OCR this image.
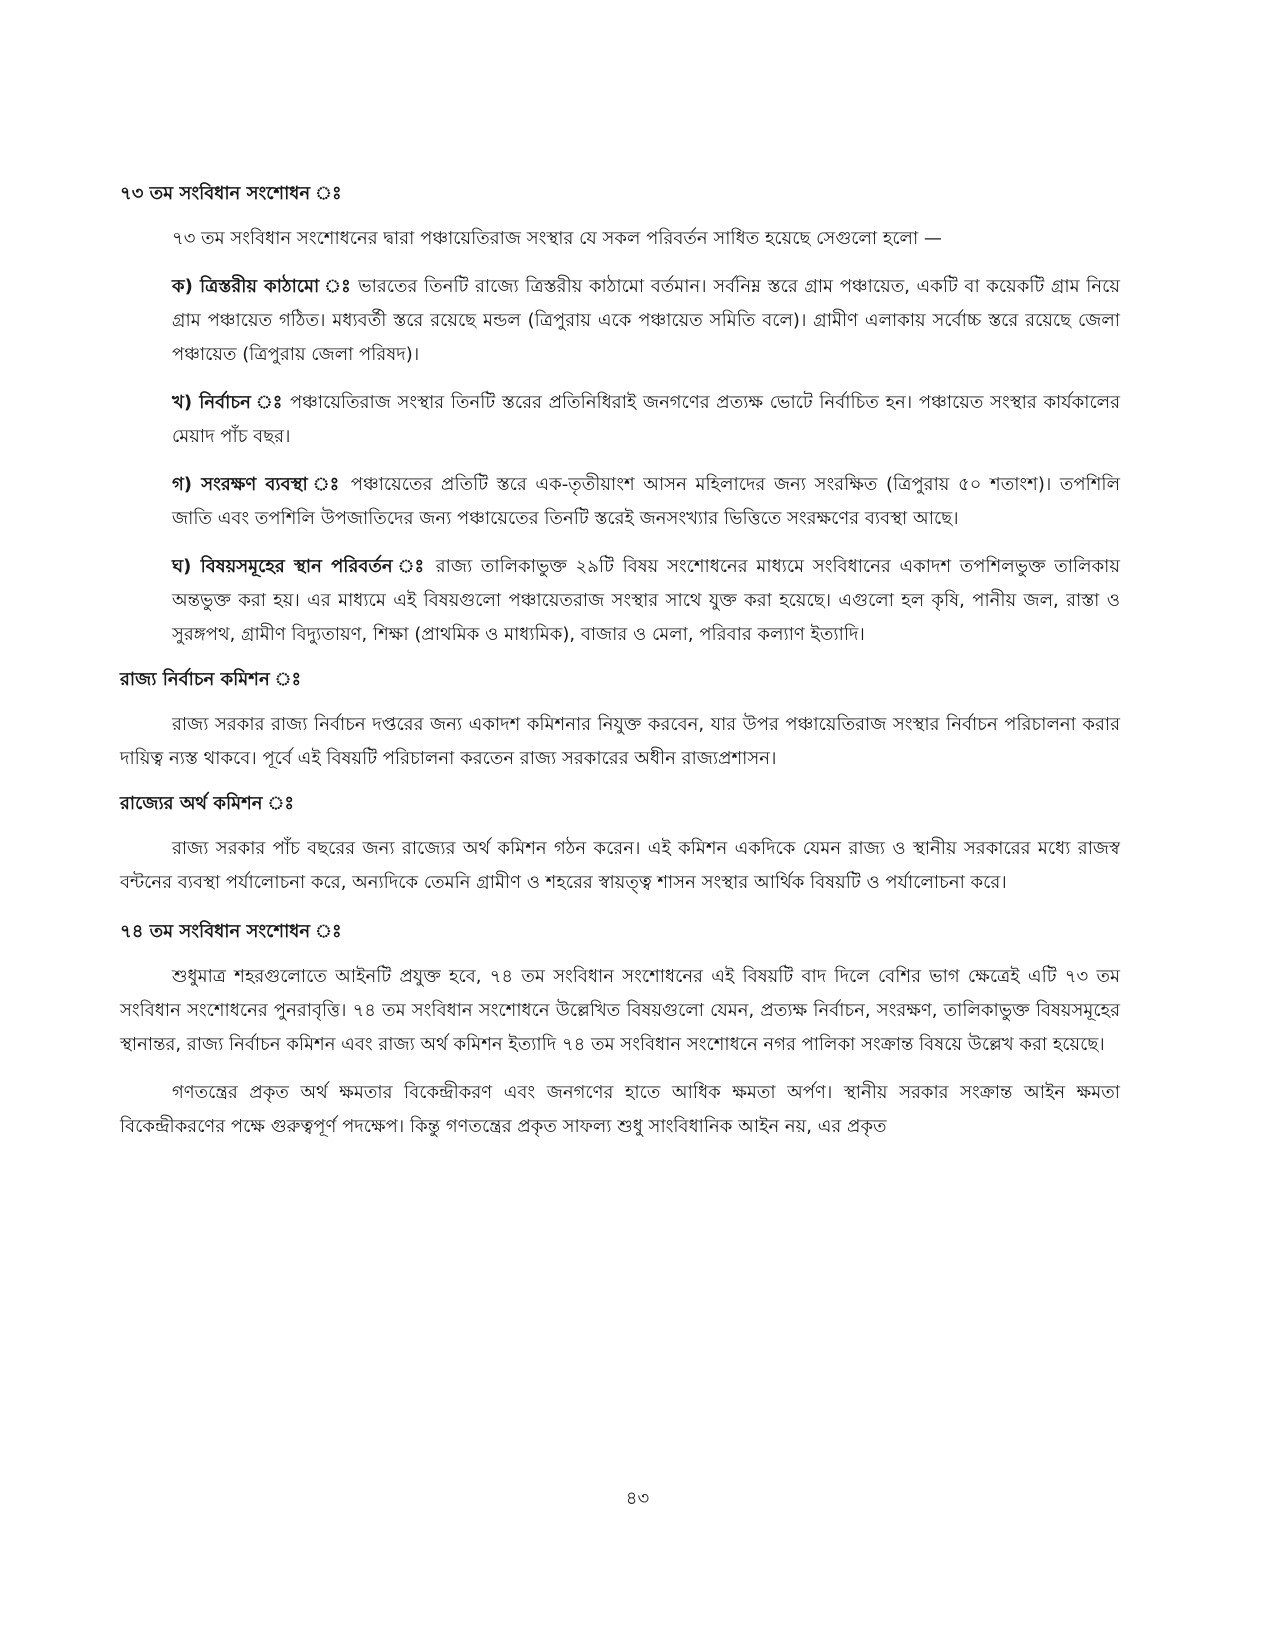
৭৩ তম সংবিধান সংশোধন ঃ
৭৩ তম সংবিধান সংশোধনের দ্বারা পঞ্চায়েতিরাজ সংস্থার যে সকল পরিবর্তন সাধিত হয়েছে সেগুলো হলো —
ক) ত্রিস্তরীয় কাঠামো ঃ ভারতের তিনটি রাজ্যে ত্রিস্তরীয় কাঠামো বর্তমান। সর্বনিম্ন স্তরে গ্রাম পঞ্চায়েত, একটি বা কয়েকটি গ্রাম নিয়ে গ্রাম পঞ্চায়েত গঠিত। মধ্যবর্তী স্তরে রয়েছে মন্ডল (ত্রিপুরায় একে পঞ্চায়েত সমিতি বলে)। গ্রামীণ এলাকায় সর্বোচ্চ স্তরে রয়েছে জেলা পঞ্চায়েত (ত্রিপুরায় জেলা পরিষদ)।
খ) নির্বাচন ঃ পঞ্চায়েতিরাজ সংস্থার তিনটি স্তরের প্রতিনিধিরাই জনগণের প্রত্যক্ষ ভোটে নির্বাচিত হন। পঞ্চায়েত সংস্থার কার্যকালের মেয়াদ পাঁচ বছর।
গ) সংরক্ষণ ব্যবস্থা ঃ পঞ্চায়েতের প্রতিটি স্তরে এক-তৃতীয়াংশ আসন মহিলাদের জন্য সংরক্ষিত (ত্রিপুরায় ৫০ শতাংশ)। তপশিলি জাতি এবং তপশিলি উপজাতিদের জন্য পঞ্চায়েতের তিনটি স্তরেই জনসংখ্যার ভিত্তিতে সংরক্ষণের ব্যবস্থা আছে।
ঘ) বিষয়সমূহের স্থান পরিবর্তন ঃ রাজ্য তালিকাভুক্ত ২৯টি বিষয় সংশোধনের মাধ্যমে সংবিধানের একাদশ তপশিলভুক্ত তালিকায় অন্তভুক্ত করা হয়। এর মাধ্যমে এই বিষয়গুলো পঞ্চায়েতরাজ সংস্থার সাথে যুক্ত করা হয়েছে। এগুলো হল কৃষি, পানীয় জল, রাস্তা ও সুরঙ্গপথ, গ্রামীণ বিদ্যুতায়ণ, শিক্ষা (প্রাথমিক ও মাধ্যমিক), বাজার ও মেলা, পরিবার কল্যাণ ইত্যাদি।
রাজ্য নির্বাচন কমিশন ঃ
রাজ্য সরকার রাজ্য নির্বাচন দপ্তরের জন্য একাদশ কমিশনার নিযুক্ত করবেন, যার উপর পঞ্চায়েতিরাজ সংস্থার নির্বাচন পরিচালনা করার দায়িত্ব ন্যস্ত থাকবে। পূর্বে এই বিষয়টি পরিচালনা করতেন রাজ্য সরকারের অধীন রাজ্যপ্রশাসন।
রাজ্যের অর্থ কমিশন ঃ
রাজ্য সরকার পাঁচ বছরের জন্য রাজ্যের অর্থ কমিশন গঠন করেন। এই কমিশন একদিকে যেমন রাজ্য ও স্থানীয় সরকারের মধ্যে রাজস্ব বন্টনের ব্যবস্থা পর্যালোচনা করে, অন্যদিকে তেমনি গ্রামীণ ও শহরের স্বায়ত্ত্ব শাসন সংস্থার আর্থিক বিষয়টি ও পর্যালোচনা করে।
৭৪ তম সংবিধান সংশোধন ঃ
শুধুমাত্র শহরগুলোতে আইনটি প্রযুক্ত হবে, ৭৪ তম সংবিধান সংশোধনের এই বিষয়টি বাদ দিলে বেশির ভাগ ক্ষেত্রেই এটি ৭৩ তম সংবিধান সংশোধনের পুনরাবৃত্তি। ৭৪ তম সংবিধান সংশোধনে উল্লেখিত বিষয়গুলো যেমন, প্রত্যক্ষ নির্বাচন, সংরক্ষণ, তালিকাভুক্ত বিষয়সমূহের স্থানান্তর, রাজ্য নির্বাচন কমিশন এবং রাজ্য অর্থ কমিশন ইত্যাদি ৭৪ তম সংবিধান সংশোধনে নগর পালিকা সংক্রান্ত বিষয়ে উল্লেখ করা হয়েছে।
গণতন্ত্রের প্রকৃত অর্থ ক্ষমতার বিকেন্দ্রীকরণ এবং জনগণের হাতে আধিক ক্ষমতা অর্পণ। স্থানীয় সরকার সংক্রান্ত আইন ক্ষমতা বিকেন্দ্রীকরণের পক্ষে গুরুত্বপূর্ণ পদক্ষেপ। কিন্তু গণতন্ত্রের প্রকৃত সাফল্য শুধু সাংবিধানিক আইন নয়, এর প্রকৃত
৪৩
